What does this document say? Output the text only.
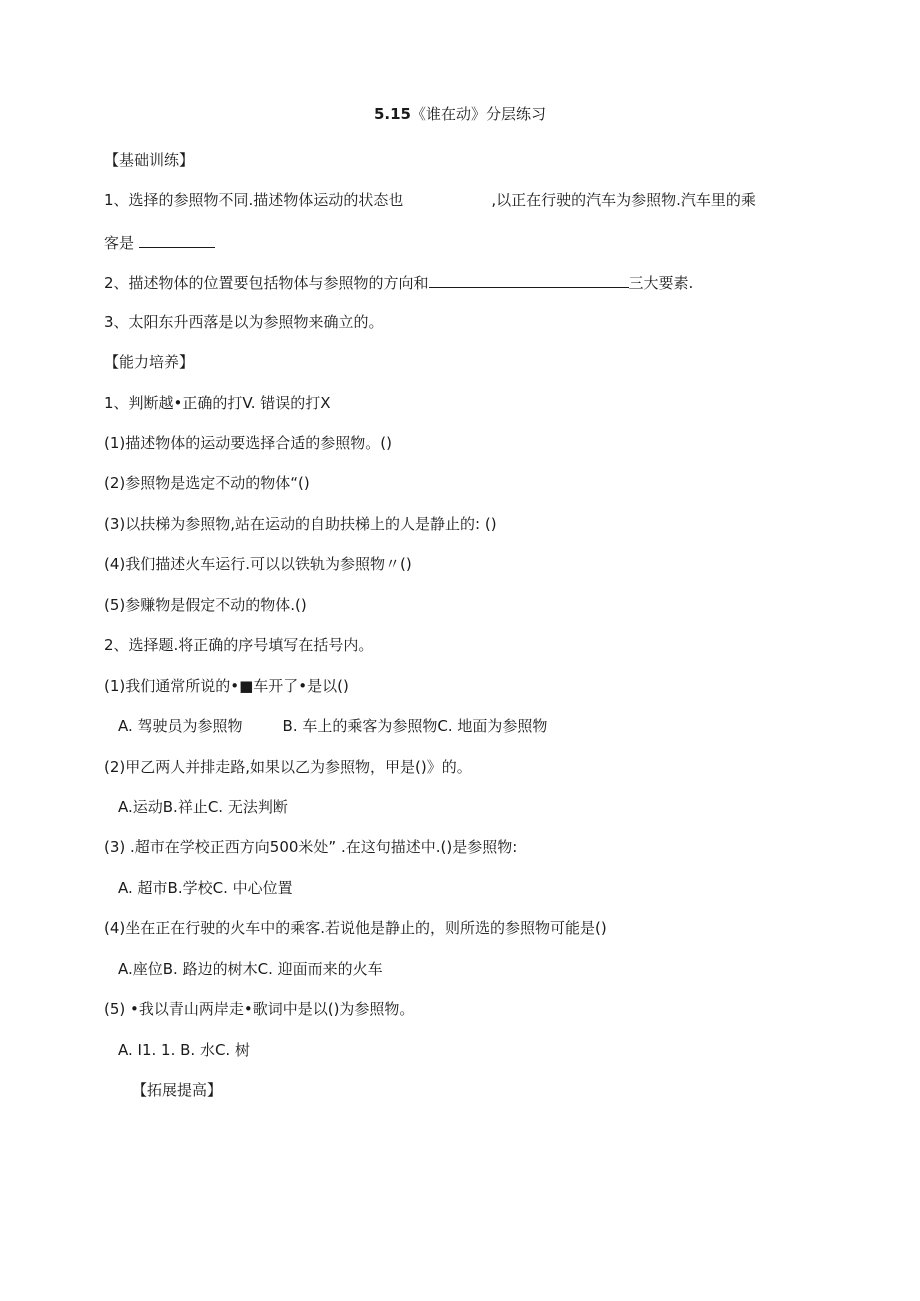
5.15《谁在动》分层练习
【基础训练】
1、选择的参照物不同.描述物体运动的状态也	,以正在行驶的汽车为参照物.汽车里的乘
客是
2、描述物体的位置要包括物体与参照物的方向和	三大要素.
3、太阳东升西落是以为参照物来确立的。
【能力培养】
1、判断越•正确的打V. 错误的打X
(1)描述物体的运动要选择合适的参照物。()
(2)参照物是选定不动的物体“()
(3)以扶梯为参照物,站在运动的自助扶梯上的人是静止的: ()
(4)我们描述火车运行.可以以铁轨为参照物〃()
(5)参赚物是假定不动的物体.()
2、选择题.将正确的序号填写在括号内。
(1)我们通常所说的•■车开了•是以()
A. 驾驶员为参照物	B. 车上的乘客为参照物C. 地面为参照物
(2)甲乙两人并排走路,如果以乙为参照物，甲是()》的。
A.运动B.祥止C. 无法判断
(3) .超市在学校正西方向500米处” .在这句描述中.()是参照物:
A. 超市B.学校C. 中心位置
(4)坐在正在行驶的火车中的乘客.若说他是静止的，则所选的参照物可能是()
A.座位B. 路边的树木C. 迎面而来的火车
(5) •我以青山两岸走•歌词中是以()为参照物。
A. I1. 1. B. 水C. 树
【拓展提高】
